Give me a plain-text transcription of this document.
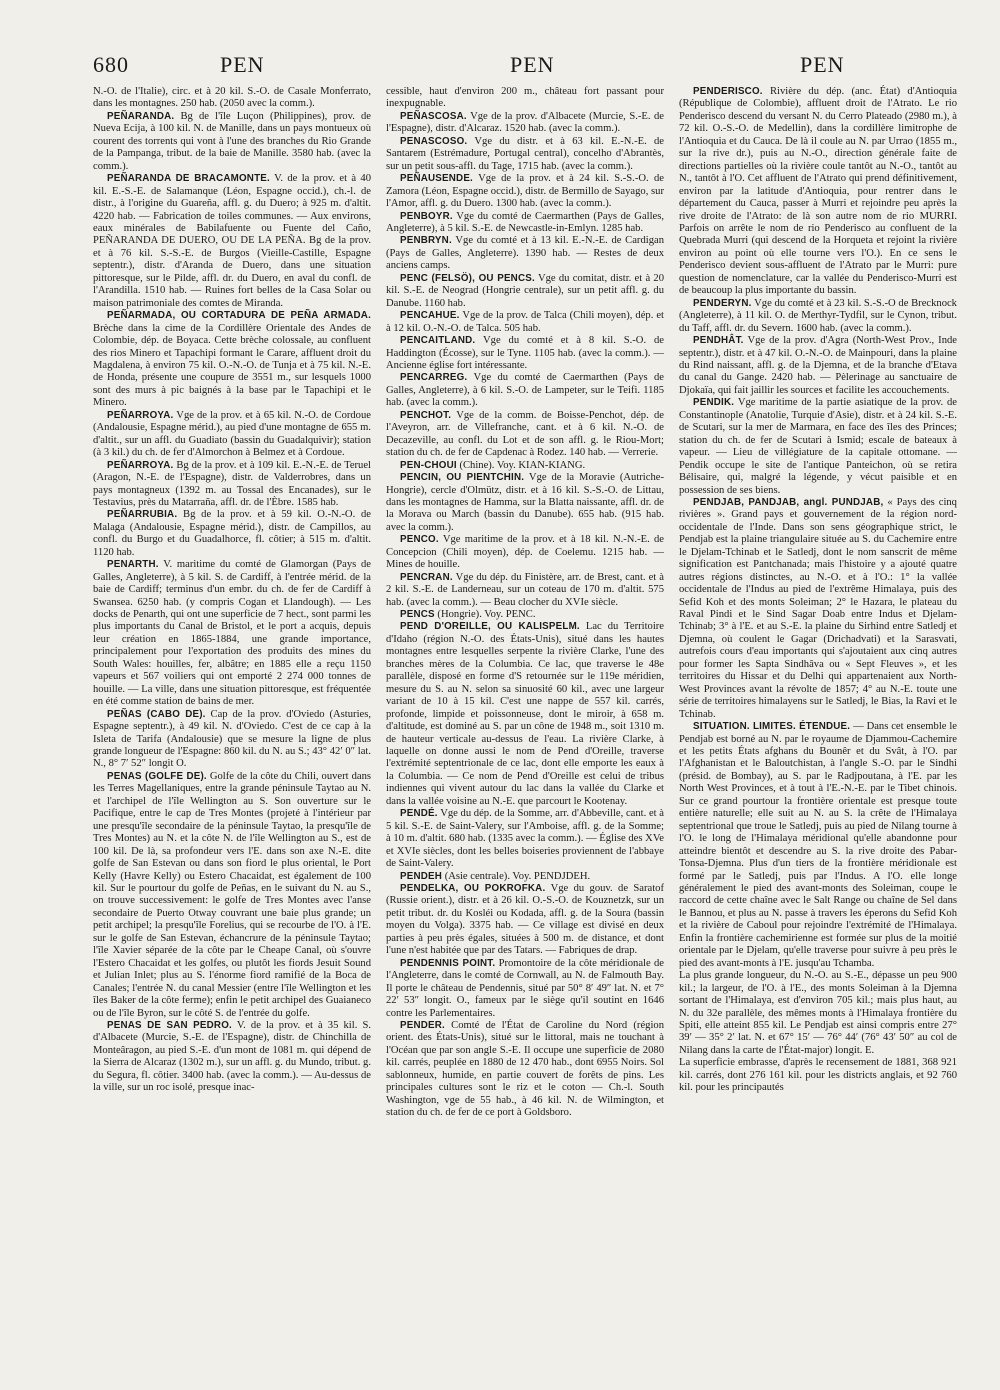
680	PEN	PEN	PEN

N.-O. de l'Italie), circ. et à 20 kil. S.-O. de Casale Monferrato, dans les montagnes. 250 hab. (2050 avec la comm.).

PEÑARANDA. Bg de l'île Luçon (Philippines), prov. de Nueva Ecija, à 100 kil. N. de Manille, dans un pays montueux où courent des torrents qui vont à l'une des branches du Rio Grande de la Pampanga, tribut. de la baie de Manille. 3580 hab. (avec la comm.).

PEÑARANDA DE BRACAMONTE. V. de la prov. et à 40 kil. E.-S.-E. de Salamanque (Léon, Espagne occid.), ch.-l. de distr., à l'origine du Guareña, affl. g. du Duero; à 925 m. d'altit. 4220 hab. — Fabrication de toiles communes. — Aux environs, eaux minérales de Babilafuente ou Fuente del Caño, PEÑARANDA DE DUERO, OU DE LA PEÑA. Bg de la prov. et à 76 kil. S.-S.-E. de Burgos (Vieille-Castille, Espagne septentr.), distr. d'Aranda de Duero, dans une situation pittoresque, sur le Pilde, affl. dr. du Duero, en aval du confl. de l'Arandilla. 1510 hab. — Ruines fort belles de la Casa Solar ou maison patrimoniale des comtes de Miranda.

PEÑARMADA, OU CORTADURA DE PEÑA ARMADA. Brèche dans la cime de la Cordillère Orientale des Andes de Colombie, dép. de Boyaca. Cette brèche colossale, au confluent des rios Minero et Tapachipi formant le Carare, affluent droit du Magdalena, à environ 75 kil. O.-N.-O. de Tunja et à 75 kil. N.-E. de Honda, présente une coupure de 3551 m., sur lesquels 1000 sont des murs à pic baignés à la base par le Tapachipi et le Minero.

PEÑARROYA. Vge de la prov. et à 65 kil. N.-O. de Cordoue (Andalousie, Espagne mérid.), au pied d'une montagne de 655 m. d'altit., sur un affl. du Guadiato (bassin du Guadalquivir); station (à 3 kil.) du ch. de fer d'Almorchon à Belmez et à Cordoue.

PEÑARROYA. Bg de la prov. et à 109 kil. E.-N.-E. de Teruel (Aragon, N.-E. de l'Espagne), distr. de Valderrobres, dans un pays montagneux (1392 m. au Tossal des Encanades), sur le Testavius, près du Matarraña, affl. dr. de l'Èbre. 1585 hab.

PEÑARRUBIA. Bg de la prov. et à 59 kil. O.-N.-O. de Malaga (Andalousie, Espagne mérid.), distr. de Campillos, au confl. du Burgo et du Guadalhorce, fl. côtier; à 515 m. d'altit. 1120 hab.

PENARTH. V. maritime du comté de Glamorgan (Pays de Galles, Angleterre), à 5 kil. S. de Cardiff, à l'entrée mérid. de la baie de Cardiff; terminus d'un embr. du ch. de fer de Cardiff à Swansea. 6250 hab. (y compris Cogan et Llandough). — Les docks de Penarth, qui ont une superficie de 7 hect., sont parmi les plus importants du Canal de Bristol, et le port a acquis, depuis leur création en 1865-1884, une grande importance, principalement pour l'exportation des produits des mines du South Wales: houilles, fer, albâtre; en 1885 elle a reçu 1150 vapeurs et 567 voiliers qui ont emporté 2 274 000 tonnes de houille. — La ville, dans une situation pittoresque, est fréquentée en été comme station de bains de mer.

PEÑAS (CABO DE). Cap de la prov. d'Oviedo (Asturies, Espagne septentr.), à 49 kil. N. d'Oviedo. C'est de ce cap à la Isleta de Tarifa (Andalousie) que se mesure la ligne de plus grande longueur de l'Espagne: 860 kil. du N. au S.; 43° 42′ 0″ lat. N., 8° 7′ 52″ longit O.

PENAS (GOLFE DE). Golfe de la côte du Chili, ouvert dans les Terres Magellaniques, entre la grande péninsule Taytao au N. et l'archipel de l'île Wellington au S. Son ouverture sur le Pacifique, entre le cap de Tres Montes (projeté à l'intérieur par une presqu'île secondaire de la péninsule Taytao, la presqu'île de Tres Montes) au N. et la côte N. de l'île Wellington au S., est de 100 kil. De là, sa profondeur vers l'E. dans son axe N.-E. dite golfe de San Estevan ou dans son fiord le plus oriental, le Port Kelly (Havre Kelly) ou Estero Chacaidat, est également de 100 kil. Sur le pourtour du golfe de Peñas, en le suivant du N. au S., on trouve successivement: le golfe de Tres Montes avec l'anse secondaire de Puerto Otway couvrant une baie plus grande; un petit archipel; la presqu'île Forelius, qui se recourbe de l'O. à l'E. sur le golfe de San Estevan, échancrure de la péninsule Taytao; l'île Xavier séparée de la côte par le Cheape Canal, où s'ouvre l'Estero Chacaidat et les golfes, ou plutôt les fiords Jesuit Sound et Julian Inlet; plus au S. l'énorme fiord ramifié de la Boca de Canales; l'entrée N. du canal Messier (entre l'île Wellington et les îles Baker de la côte ferme); enfin le petit archipel des Guaianeco ou de l'île Byron, sur le côté S. de l'entrée du golfe.

PENAS DE SAN PEDRO. V. de la prov. et à 35 kil. S. d'Albacete (Murcie, S.-E. de l'Espagne), distr. de Chinchilla de Monteâragon, au pied S.-E. d'un mont de 1081 m. qui dépend de la Sierra de Alcaraz (1302 m.), sur un affl. g. du Mundo, tribut. g. du Segura, fl. côtier. 3400 hab. (avec la comm.). — Au-dessus de la ville, sur un roc isolé, presque inac-

cessible, haut d'environ 200 m., château fort passant pour inexpugnable.

PEÑASCOSA. Vge de la prov. d'Albacete (Murcie, S.-E. de l'Espagne), distr. d'Alcaraz. 1520 hab. (avec la comm.).

PENASCOSO. Vge du distr. et à 63 kil. E.-N.-E. de Santarem (Estrémadure, Portugal central), concelho d'Abrantès, sur un petit sous-affl. du Tage, 1715 hab. (avec la comm.).

PEÑAUSENDE. Vge de la prov. et à 24 kil. S.-S.-O. de Zamora (Léon, Espagne occid.), distr. de Bermillo de Sayago, sur l'Amor, affl. g. du Duero. 1300 hab. (avec la comm.).

PENBOYR. Vge du comté de Caermarthen (Pays de Galles, Angleterre), à 5 kil. S.-E. de Newcastle-in-Emlyn. 1285 hab.

PENBRYN. Vge du comté et à 13 kil. E.-N.-E. de Cardigan (Pays de Galles, Angleterre). 1390 hab. — Restes de deux anciens camps.

PENC (FELSÖ), OU PENCS. Vge du comitat, distr. et à 20 kil. S.-E. de Neograd (Hongrie centrale), sur un petit affl. g. du Danube. 1160 hab.

PENCAHUE. Vge de la prov. de Talca (Chili moyen), dép. et à 12 kil. O.-N.-O. de Talca. 505 hab.

PENCAITLAND. Vge du comté et à 8 kil. S.-O. de Haddington (Écosse), sur le Tyne. 1105 hab. (avec la comm.). — Ancienne église fort intéressante.

PENCARREG. Vge du comté de Caermarthen (Pays de Galles, Angleterre), à 6 kil. S.-O. de Lampeter, sur le Teifi. 1185 hab. (avec la comm.).

PENCHOT. Vge de la comm. de Boisse-Penchot, dép. de l'Aveyron, arr. de Villefranche, cant. et à 6 kil. N.-O. de Decazeville, au confl. du Lot et de son affl. g. le Riou-Mort; station du ch. de fer de Capdenac à Rodez. 140 hab. — Verrerie.

PEN-CHOUI (Chine). Voy. KIAN-KIANG.

PENCIN, OU PIENTCHIN. Vge de la Moravie (Autriche-Hongrie), cercle d'Olmütz, distr. et à 16 kil. S.-S.-O. de Littau, dans les montagnes de Hamma, sur la Blatta naissante, affl. dr. de la Morava ou March (bassin du Danube). 655 hab. (915 hab. avec la comm.).

PENCO. Vge maritime de la prov. et à 18 kil. N.-N.-E. de Concepcion (Chili moyen), dép. de Coelemu. 1215 hab. — Mines de houille.

PENCRAN. Vge du dép. du Finistère, arr. de Brest, cant. et à 2 kil. S.-E. de Landerneau, sur un coteau de 170 m. d'altit. 575 hab. (avec la comm.). — Beau clocher du XVIe siècle.

PENCS (Hongrie). Voy. PENC.

PEND D'OREILLE, OU KALISPELM. Lac du Territoire d'Idaho (région N.-O. des États-Unis), situé dans les hautes montagnes entre lesquelles serpente la rivière Clarke, l'une des branches mères de la Columbia. Ce lac, que traverse le 48e parallèle, disposé en forme d'S retournée sur le 119e méridien, mesure du S. au N. selon sa sinuosité 60 kil., avec une largeur variant de 10 à 15 kil. C'est une nappe de 557 kil. carrés, profonde, limpide et poissonneuse, dont le miroir, à 658 m. d'altitude, est dominé au S. par un cône de 1948 m., soit 1310 m. de hauteur verticale au-dessus de l'eau. La rivière Clarke, à laquelle on donne aussi le nom de Pend d'Oreille, traverse l'extrémité septentrionale de ce lac, dont elle emporte les eaux à la Columbia. — Ce nom de Pend d'Oreille est celui de tribus indiennes qui vivent autour du lac dans la vallée du Clarke et dans la vallée voisine au N.-E. que parcourt le Kootenay.

PENDÉ. Vge du dép. de la Somme, arr. d'Abbeville, cant. et à 5 kil. S.-E. de Saint-Valery, sur l'Amboise, affl. g. de la Somme; à 10 m. d'altit. 680 hab. (1335 avec la comm.). — Église des XVe et XVIe siècles, dont les belles boiseries proviennent de l'abbaye de Saint-Valery.

PENDEH (Asie centrale). Voy. PENDJDEH.

PENDELKA, OU POKROFKA. Vge du gouv. de Saratof (Russie orient.), distr. et à 26 kil. O.-S.-O. de Kouznetzk, sur un petit tribut. dr. du Kosléi ou Kodada, affl. g. de la Soura (bassin moyen du Volga). 3375 hab. — Ce village est divisé en deux parties à peu près égales, situées à 500 m. de distance, et dont l'une n'est habitée que par des Tatars. — Fabriques de drap.

PENDENNIS POINT. Promontoire de la côte méridionale de l'Angleterre, dans le comté de Cornwall, au N. de Falmouth Bay. Il porte le château de Pendennis, situé par 50° 8′ 49″ lat. N. et 7° 22′ 53″ longit. O., fameux par le siège qu'il soutint en 1646 contre les Parlementaires.

PENDER. Comté de l'État de Caroline du Nord (région orient. des États-Unis), situé sur le littoral, mais ne touchant à l'Océan que par son angle S.-E. Il occupe une superficie de 2080 kil. carrés, peuplée en 1880 de 12 470 hab., dont 6955 Noirs. Sol sablonneux, humide, en partie couvert de forêts de pins. Les principales cultures sont le riz et le coton — Ch.-l. South Washington, vge de 55 hab., à 46 kil. N. de Wilmington, et station du ch. de fer de ce port à Goldsboro.

PENDERISCO. Rivière du dép. (anc. État) d'Antioquia (République de Colombie), affluent droit de l'Atrato. Le rio Penderisco descend du versant N. du Cerro Plateado (2980 m.), à 72 kil. O.-S.-O. de Medellin), dans la cordillère limitrophe de l'Antioquia et du Cauca. De là il coule au N. par Urrao (1855 m., sur la rive dr.), puis au N.-O., direction générale faite de directions partielles où la rivière coule tantôt au N.-O., tantôt au N., tantôt à l'O. Cet affluent de l'Atrato qui prend définitivement, environ par la latitude d'Antioquia, pour rentrer dans le département du Cauca, passer à Murri et rejoindre peu après la rive droite de l'Atrato: de là son autre nom de rio MURRI. Parfois on arrête le nom de rio Penderisco au confluent de la Quebrada Murri (qui descend de la Horqueta et rejoint la rivière environ au point où elle tourne vers l'O.). En ce sens le Penderisco devient sous-affluent de l'Atrato par le Murri: pure question de nomenclature, car la vallée du Penderisco-Murri est de beaucoup la plus importante du bassin.

PENDERYN. Vge du comté et à 23 kil. S.-S.-O de Brecknock (Angleterre), à 11 kil. O. de Merthyr-Tydfil, sur le Cynon, tribut. du Taff, affl. dr. du Severn. 1600 hab. (avec la comm.).

PENDHÂT. Vge de la prov. d'Agra (North-West Prov., Inde septentr.), distr. et à 47 kil. O.-N.-O. de Mainpouri, dans la plaine du Rind naissant, affl. g. de la Djemna, et de la branche d'Etava du canal du Gange. 2420 hab. — Pèlerinage au sanctuaire de Djokaïa, qui fait jaillir les sources et facilite les accouchements.

PENDIK. Vge maritime de la partie asiatique de la prov. de Constantinople (Anatolie, Turquie d'Asie), distr. et à 24 kil. S.-E. de Scutari, sur la mer de Marmara, en face des îles des Princes; station du ch. de fer de Scutari à Ismid; escale de bateaux à vapeur. — Lieu de villégiature de la capitale ottomane. — Pendik occupe le site de l'antique Panteichon, où se retira Bélisaire, qui, malgré la légende, y vécut paisible et en possession de ses biens.

PENDJAB, PANDJAB, angl. PUNDJAB, « Pays des cinq rivières ». Grand pays et gouvernement de la région nord-occidentale de l'Inde. Dans son sens géographique strict, le Pendjab est la plaine triangulaire située au S. du Cachemire entre le Djelam-Tchinab et le Satledj, dont le nom sanscrit de même signification est Pantchanada; mais l'histoire y a ajouté quatre autres régions distinctes, au N.-O. et à l'O.: 1° la vallée occidentale de l'Indus au pied de l'extrême Himalaya, puis des Sefid Koh et des monts Soleiman; 2° le Hazara, le plateau du Raval Pindi et le Sind Sagar Doab entre Indus et Djelam-Tchinab; 3° à l'E. et au S.-E. la plaine du Sirhind entre Satledj et Djemna, où coulent le Gagar (Drichadvati) et la Sarasvati, autrefois cours d'eau importants qui s'ajoutaient aux cinq autres pour former les Sapta Sindhâva ou « Sept Fleuves », et les territoires du Hissar et du Delhi qui appartenaient aux North-West Provinces avant la révolte de 1857; 4° au N.-E. toute une série de territoires himalayens sur le Satledj, le Bias, la Ravi et le Tchinab.

SITUATION. LIMITES. ÉTENDUE. — Dans cet ensemble le Pendjab est borné au N. par le royaume de Djammou-Cachemire et les petits États afghans du Bounêr et du Svât, à l'O. par l'Afghanistan et le Baloutchistan, à l'angle S.-O. par le Sindhi (présid. de Bombay), au S. par le Radjpoutana, à l'E. par les North West Provinces, et à tout à l'E.-N.-E. par le Tibet chinois. Sur ce grand pourtour la frontière orientale est presque toute entière naturelle; elle suit au N. au S. la crête de l'Himalaya septentrional que troue le Satledj, puis au pied de Nilang tourne à l'O. le long de l'Himalaya méridional qu'elle abandonne pour atteindre bientôt et descendre au S. la rive droite des Pabar-Tonsa-Djemna. Plus d'un tiers de la frontière méridionale est formé par le Satledj, puis par l'Indus. A l'O. elle longe généralement le pied des avant-monts des Soleiman, coupe le raccord de cette chaîne avec le Salt Range ou chaîne de Sel dans le Bannou, et plus au N. passe à travers les éperons du Sefid Koh et la rivière de Caboul pour rejoindre l'extrémité de l'Himalaya. Enfin la frontière cachemirienne est formée sur plus de la moitié orientale par le Djelam, qu'elle traverse pour suivre à peu près le pied des avant-monts à l'E. jusqu'au Tchamba.

La plus grande longueur, du N.-O. au S.-E., dépasse un peu 900 kil.; la largeur, de l'O. à l'E., des monts Soleiman à la Djemna sortant de l'Himalaya, est d'environ 705 kil.; mais plus haut, au N. du 32e parallèle, des mêmes monts à l'Himalaya frontière du Spiti, elle atteint 855 kil. Le Pendjab est ainsi compris entre 27° 39′ — 35° 2′ lat. N. et 67° 15′ — 76° 44′ (76° 43′ 50″ au col de Nilang dans la carte de l'État-major) longit. E.

La superficie embrasse, d'après le recensement de 1881, 368 921 kil. carrés, dont 276 161 kil. pour les districts anglais, et 92 760 kil. pour les principautés
